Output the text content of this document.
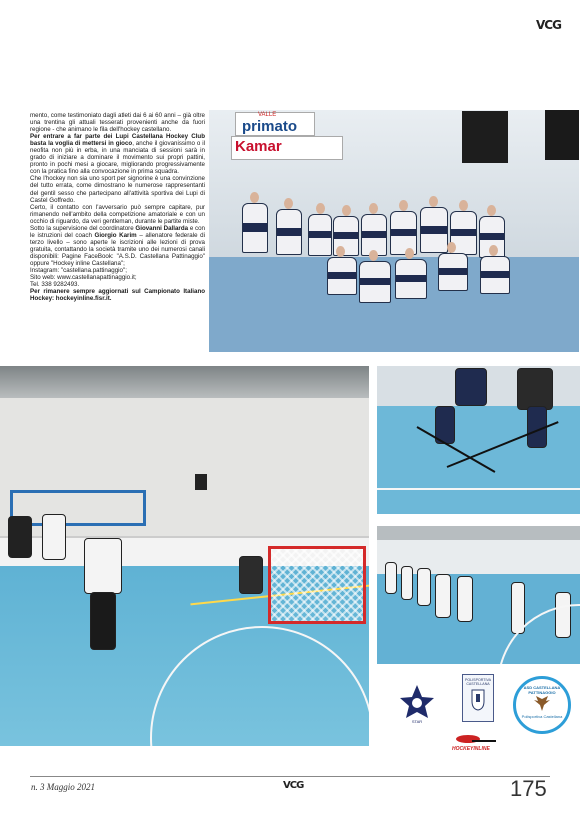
VCG

mento, come testimoniato dagli atleti dai 6 ai 60 anni – già oltre una trentina gli attuali tesserati provenienti anche da fuori regione - che animano le fila dell'hockey castellano.

Per entrare a far parte dei Lupi Castellana Hockey Club basta la voglia di mettersi in gioco, anche il giovanissimo o il neofita non più in erba, in una manciata di sessioni sarà in grado di iniziare a dominare il movimento sui propri pattini, pronto in pochi mesi a giocare, migliorando progressivamente con la pratica fino alla convocazione in prima squadra.

Che l'hockey non sia uno sport per signorine è una convinzione del tutto errata, come dimostrano le numerose rappresentanti del gentil sesso che partecipano all'attività sportiva dei Lupi di Castel Goffredo.

Certo, il contatto con l'avversario può sempre capitare, pur rimanendo nell'ambito della competizione amatoriale e con un occhio di riguardo, da veri gentleman, durante le partite miste.

Sotto la supervisione del coordinatore Giovanni Dallarda e con le istruzioni del coach Giorgio Karim – allenatore federale di terzo livello – sono aperte le iscrizioni alle lezioni di prova gratuita, contattando la società tramite uno dei numerosi canali disponibili: Pagine FaceBook: "A.S.D. Castellana Pattinaggio" oppure "Hockey inline Castellana";

Instagram: "castellana.pattinaggio";

Sito web: www.castellanapattinaggio.it;

Tel. 338 9282493.

Per rimanere sempre aggiornati sul Campionato Italiano Hockey: hockeyinline.fisr.it.

VALLE
primato
Kamar
STAR
POLISPORTIVA CASTELLANA
ASD CASTELLANA PATTINAGGIO
Polisportiva Castellana
HOCKEYINLINE
n. 3 Maggio 2021	VCG	175
